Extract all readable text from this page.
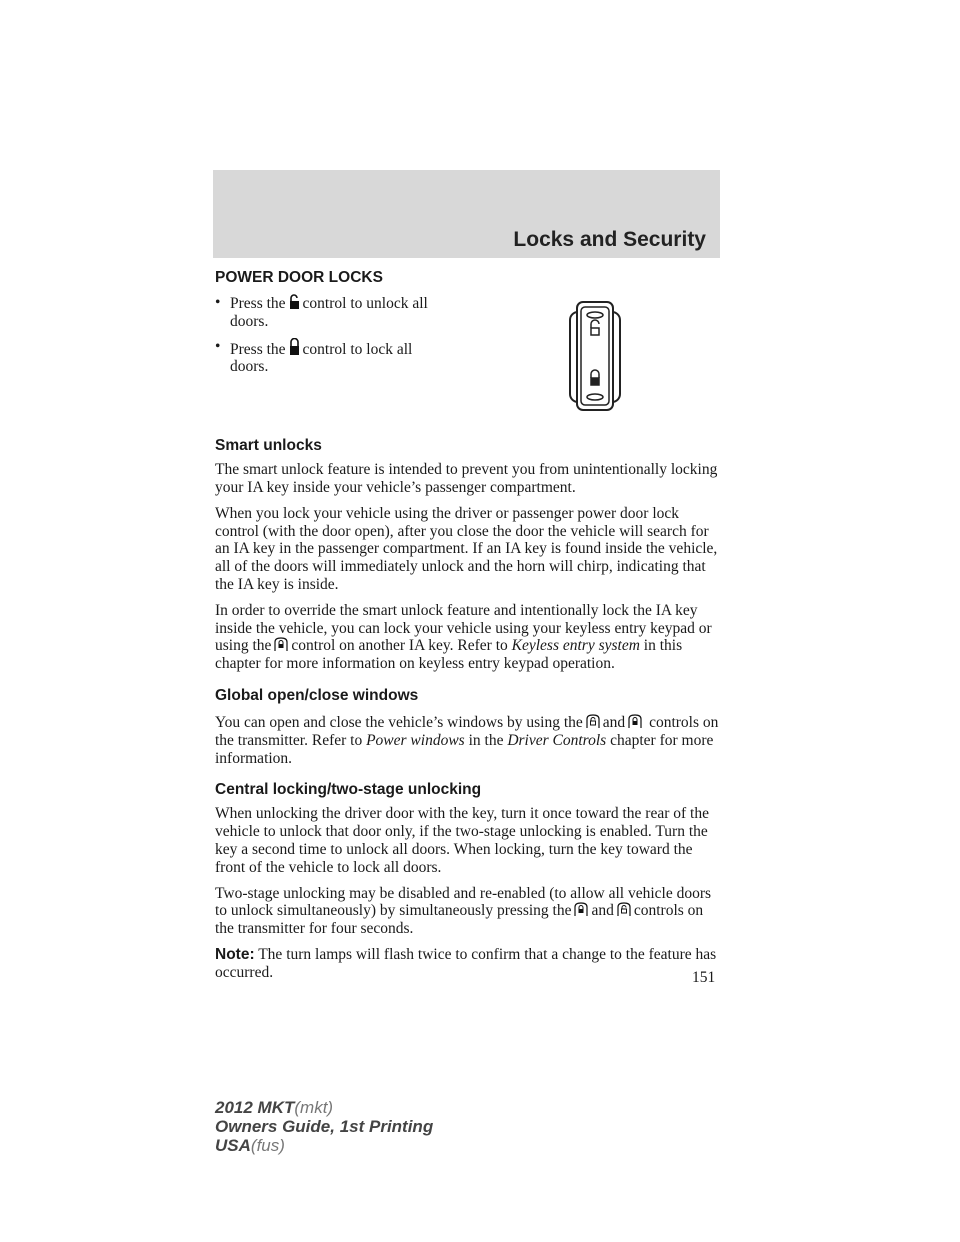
Locks and Security
POWER DOOR LOCKS
• Press the control to unlock all
doors.
• Press the control to lock all
doors.
Smart unlocks

The smart unlock feature is intended to prevent you from unintentionally locking your IA key inside your vehicle’s passenger compartment.

When you lock your vehicle using the driver or passenger power door lock control (with the door open), after you close the door the vehicle will search for an IA key in the passenger compartment. If an IA key is found inside the vehicle, all of the doors will immediately unlock and the horn will chirp, indicating that the IA key is inside.

In order to override the smart unlock feature and intentionally lock the IA key inside the vehicle, you can lock your vehicle using your keyless entry keypad or using the control on another IA key. Refer to Keyless entry system in this chapter for more information on keyless entry keypad operation.

Global open/close windows

You can open and close the vehicle’s windows by using the and controls on the transmitter. Refer to Power windows in the Driver Controls chapter for more information.

Central locking/two-stage unlocking

When unlocking the driver door with the key, turn it once toward the rear of the vehicle to unlock that door only, if the two-stage unlocking is enabled. Turn the key a second time to unlock all doors. When locking, turn the key toward the front of the vehicle to lock all doors.

Two-stage unlocking may be disabled and re-enabled (to allow all vehicle doors to unlock simultaneously) by simultaneously pressing the and controls on the transmitter for four seconds.

Note: The turn lamps will flash twice to confirm that a change to the feature has occurred.	151
2012 MKT(mkt)
Owners Guide, 1st Printing
USA(fus)
